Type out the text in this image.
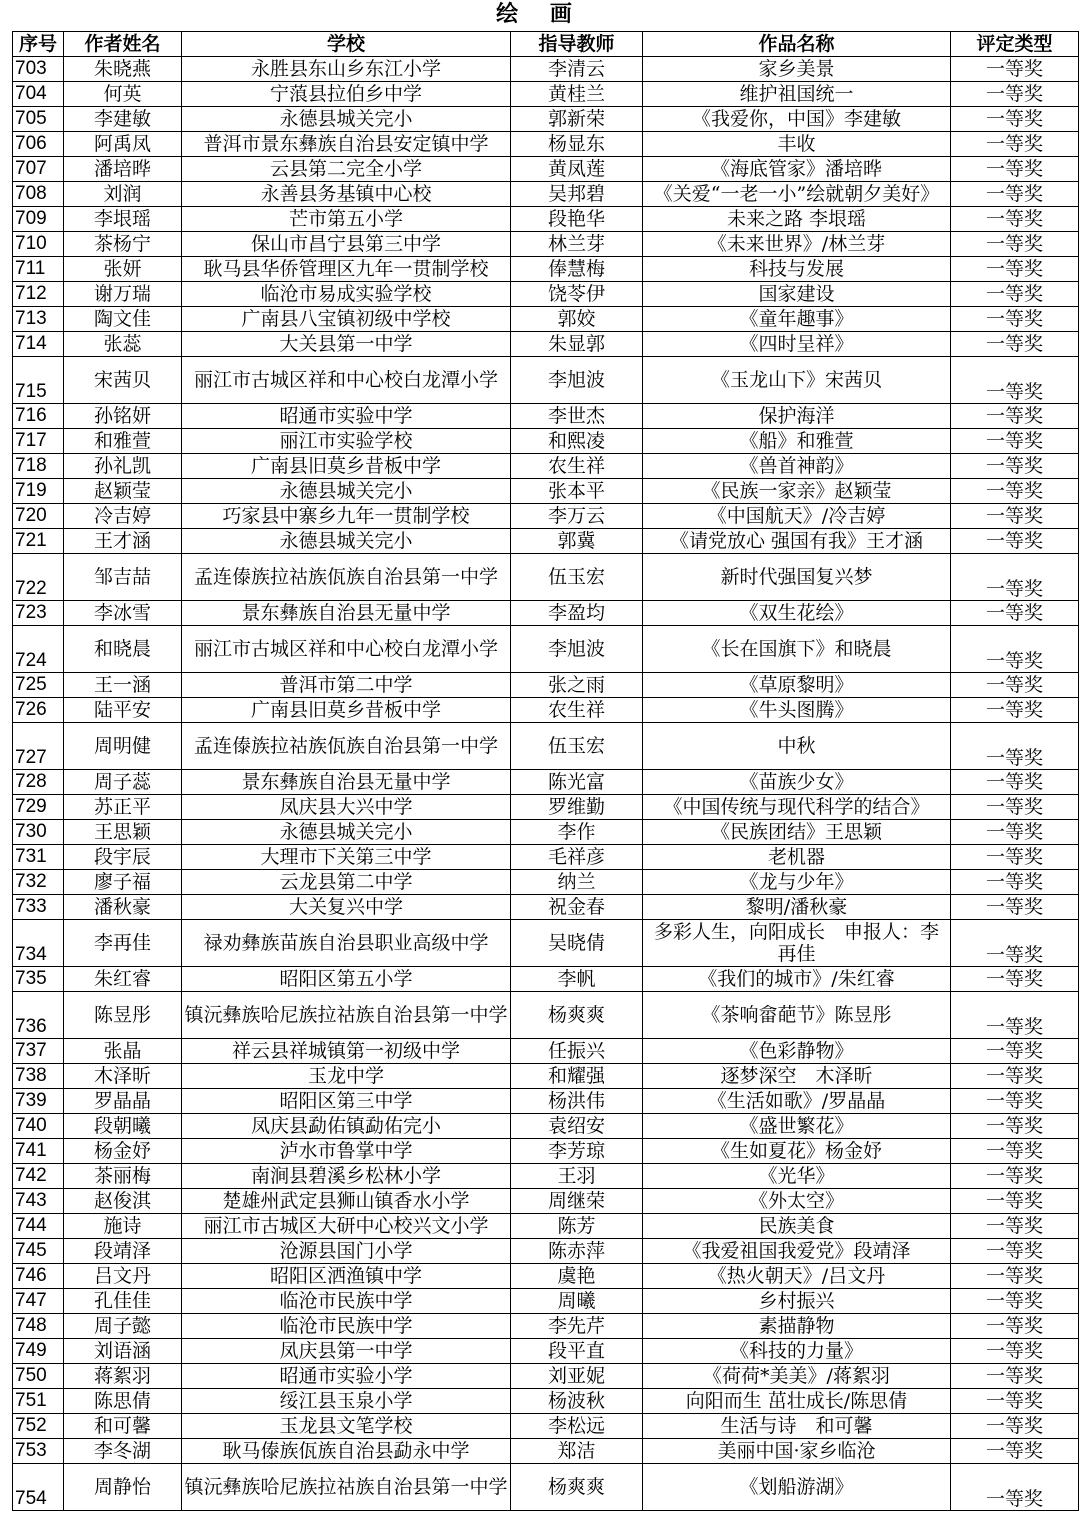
绘 画
序号	作者姓名	学校	指导教师	作品名称	评定类型
703	朱晓燕	永胜县东山乡东江小学	李清云	家乡美景	一等奖
704	何英	宁蒗县拉伯乡中学	黄桂兰	维护祖国统一	一等奖
705	李建敏	永德县城关完小	郭新荣	《我爱你，中国》李建敏	一等奖
706	阿禹凤	普洱市景东彝族自治县安定镇中学	杨显东	丰收	一等奖
707	潘培晔	云县第二完全小学	黄凤莲	《海底管家》潘培晔	一等奖
708	刘润	永善县务基镇中心校	吴邦碧	《关爱“一老一小”绘就朝夕美好》	一等奖
709	李垠瑶	芒市第五小学	段艳华	未来之路 李垠瑶	一等奖
710	茶杨宁	保山市昌宁县第三中学	林兰芽	《未来世界》/林兰芽	一等奖
711	张妍	耿马县华侨管理区九年一贯制学校	俸慧梅	科技与发展	一等奖
712	谢万瑞	临沧市易成实验学校	饶苓伊	国家建设	一等奖
713	陶文佳	广南县八宝镇初级中学校	郭姣	《童年趣事》	一等奖
714	张蕊	大关县第一中学	朱显郭	《四时呈祥》	一等奖
715	宋茜贝	丽江市古城区祥和中心校白龙潭小学	李旭波	《玉龙山下》宋茜贝	一等奖
716	孙铭妍	昭通市实验中学	李世杰	保护海洋	一等奖
717	和雅萱	丽江市实验学校	和熙凌	《船》和雅萱	一等奖
718	孙礼凯	广南县旧莫乡昔板中学	农生祥	《兽首神韵》	一等奖
719	赵颖莹	永德县城关完小	张本平	《民族一家亲》赵颖莹	一等奖
720	冷吉婷	巧家县中寨乡九年一贯制学校	李万云	《中国航天》/冷吉婷	一等奖
721	王才涵	永德县城关完小	郭冀	《请党放心 强国有我》王才涵	一等奖
722	邹吉喆	孟连傣族拉祜族佤族自治县第一中学	伍玉宏	新时代强国复兴梦	一等奖
723	李冰雪	景东彝族自治县无量中学	李盈均	《双生花绘》	一等奖
724	和晓晨	丽江市古城区祥和中心校白龙潭小学	李旭波	《长在国旗下》和晓晨	一等奖
725	王一涵	普洱市第二中学	张之雨	《草原黎明》	一等奖
726	陆平安	广南县旧莫乡昔板中学	农生祥	《牛头图腾》	一等奖
727	周明健	孟连傣族拉祜族佤族自治县第一中学	伍玉宏	中秋	一等奖
728	周子蕊	景东彝族自治县无量中学	陈光富	《苗族少女》	一等奖
729	苏正平	凤庆县大兴中学	罗维勤	《中国传统与现代科学的结合》	一等奖
730	王思颖	永德县城关完小	李作	《民族团结》王思颖	一等奖
731	段宇辰	大理市下关第三中学	毛祥彦	老机器	一等奖
732	廖子福	云龙县第二中学	纳兰	《龙与少年》	一等奖
733	潘秋豪	大关复兴中学	祝金春	黎明/潘秋豪	一等奖
734	李再佳	禄劝彝族苗族自治县职业高级中学	吴晓倩	多彩人生，向阳成长　申报人：李再佳	一等奖
735	朱红睿	昭阳区第五小学	李帆	《我们的城市》/朱红睿	一等奖
736	陈昱彤	镇沅彝族哈尼族拉祜族自治县第一中学	杨爽爽	《茶响畲葩节》陈昱彤	一等奖
737	张晶	祥云县祥城镇第一初级中学	任振兴	《色彩静物》	一等奖
738	木泽昕	玉龙中学	和耀强	逐梦深空　木泽昕	一等奖
739	罗晶晶	昭阳区第三中学	杨洪伟	《生活如歌》/罗晶晶	一等奖
740	段朝曦	凤庆县勐佑镇勐佑完小	袁绍安	《盛世繁花》	一等奖
741	杨金妤	泸水市鲁掌中学	李芳琼	《生如夏花》杨金妤	一等奖
742	茶丽梅	南涧县碧溪乡松林小学	王羽	《光华》	一等奖
743	赵俊淇	楚雄州武定县狮山镇香水小学	周继荣	《外太空》	一等奖
744	施诗	丽江市古城区大研中心校兴文小学	陈芳	民族美食	一等奖
745	段靖泽	沧源县国门小学	陈赤萍	《我爱祖国我爱党》段靖泽	一等奖
746	吕文丹	昭阳区洒渔镇中学	虞艳	《热火朝天》/吕文丹	一等奖
747	孔佳佳	临沧市民族中学	周曦	乡村振兴	一等奖
748	周子懿	临沧市民族中学	李先芹	素描静物	一等奖
749	刘语涵	凤庆县第一中学	段平直	《科技的力量》	一等奖
750	蒋絮羽	昭通市实验小学	刘亚妮	《荷荷*美美》/蒋絮羽	一等奖
751	陈思倩	绥江县玉泉小学	杨波秋	向阳而生 茁壮成长/陈思倩	一等奖
752	和可馨	玉龙县文笔学校	李松远	生活与诗　和可馨	一等奖
753	李冬湖	耿马傣族佤族自治县勐永中学	郑洁	美丽中国·家乡临沧	一等奖
754	周静怡	镇沅彝族哈尼族拉祜族自治县第一中学	杨爽爽	《划船游湖》	一等奖
